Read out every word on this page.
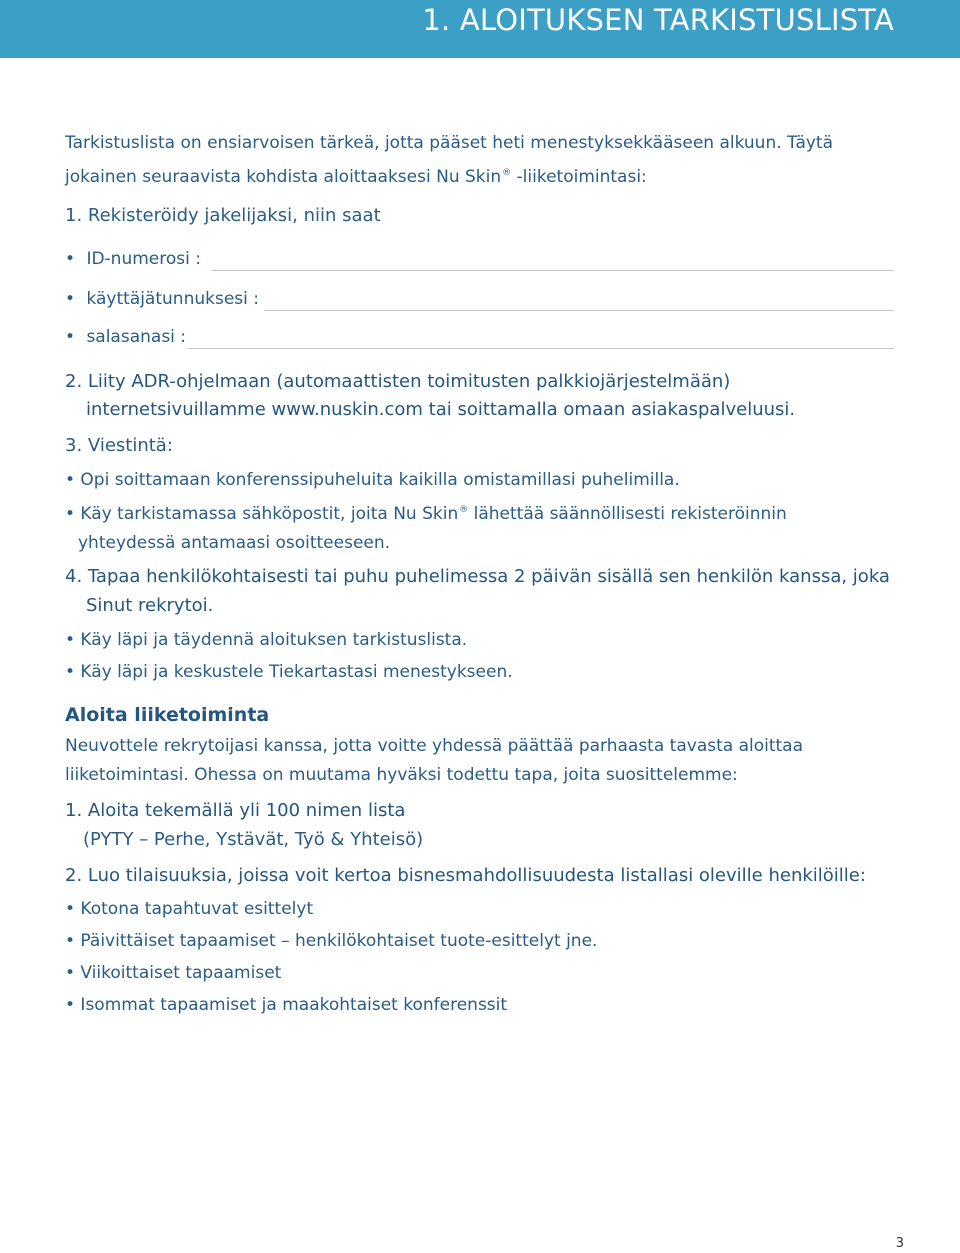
1. ALOITUKSEN TARKISTUSLISTA
Tarkistuslista on ensiarvoisen tärkeä, jotta pääset heti menestyksekkääseen alkuun. Täytä
jokainen seuraavista kohdista aloittaaksesi Nu Skin® -liiketoimintasi:
1. Rekisteröidy jakelijaksi, niin saat
• ID-numerosi :
• käyttäjätunnuksesi :
• salasanasi :
2. Liity ADR-ohjelmaan (automaattisten toimitusten palkkiojärjestelmään)
internetsivuillamme www.nuskin.com tai soittamalla omaan asiakaspalveluusi.
3. Viestintä:
• Opi soittamaan konferenssipuheluita kaikilla omistamillasi puhelimilla.
• Käy tarkistamassa sähköpostit, joita Nu Skin® lähettää säännöllisesti rekisteröinnin
yhteydessä antamaasi osoitteeseen.
4. Tapaa henkilökohtaisesti tai puhu puhelimessa 2 päivän sisällä sen henkilön kanssa, joka
Sinut rekrytoi.
• Käy läpi ja täydennä aloituksen tarkistuslista.
• Käy läpi ja keskustele Tiekartastasi menestykseen.
Aloita liiketoiminta
Neuvottele rekrytoijasi kanssa, jotta voitte yhdessä päättää parhaasta tavasta aloittaa
liiketoimintasi. Ohessa on muutama hyväksi todettu tapa, joita suosittelemme:
1. Aloita tekemällä yli 100 nimen lista
(PYTY – Perhe, Ystävät, Työ & Yhteisö)
2. Luo tilaisuuksia, joissa voit kertoa bisnesmahdollisuudesta listallasi oleville henkilöille:
• Kotona tapahtuvat esittelyt
• Päivittäiset tapaamiset – henkilökohtaiset tuote-esittelyt jne.
• Viikoittaiset tapaamiset
• Isommat tapaamiset ja maakohtaiset konferenssit
3
